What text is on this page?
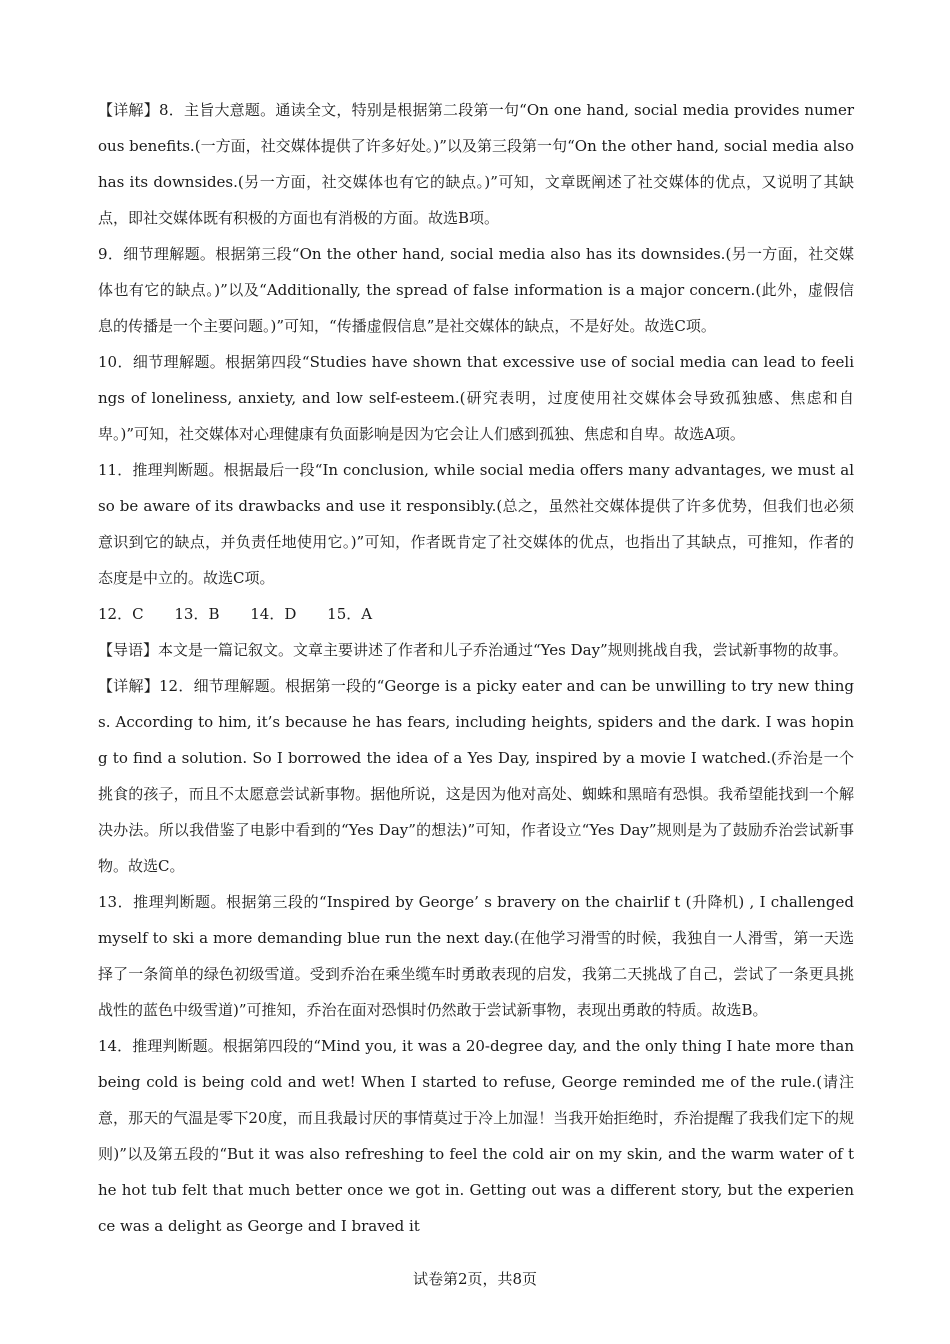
【详解】8．主旨大意题。通读全文，特别是根据第二段第一句“On one hand, social media provides numerous benefits.(一方面，社交媒体提供了许多好处。)”以及第三段第一句“On the other hand, social media also has its downsides.(另一方面，社交媒体也有它的缺点。)”可知，文章既阐述了社交媒体的优点，又说明了其缺点，即社交媒体既有积极的方面也有消极的方面。故选B项。

9．细节理解题。根据第三段“On the other hand, social media also has its downsides.(另一方面，社交媒体也有它的缺点。)”以及“Additionally, the spread of false information is a major concern.(此外，虚假信息的传播是一个主要问题。)”可知，“传播虚假信息”是社交媒体的缺点，不是好处。故选C项。

10．细节理解题。根据第四段“Studies have shown that excessive use of social media can lead to feelings of loneliness, anxiety, and low self-esteem.(研究表明，过度使用社交媒体会导致孤独感、焦虑和自卑。)”可知，社交媒体对心理健康有负面影响是因为它会让人们感到孤独、焦虑和自卑。故选A项。

11．推理判断题。根据最后一段“In conclusion, while social media offers many advantages, we must also be aware of its drawbacks and use it responsibly.(总之，虽然社交媒体提供了许多优势，但我们也必须意识到它的缺点，并负责任地使用它。)”可知，作者既肯定了社交媒体的优点，也指出了其缺点，可推知，作者的态度是中立的。故选C项。

12．C 13．B 14．D 15．A

【导语】本文是一篇记叙文。文章主要讲述了作者和儿子乔治通过“Yes Day”规则挑战自我，尝试新事物的故事。

【详解】12．细节理解题。根据第一段的“George is a picky eater and can be unwilling to try new things. According to him, it’s because he has fears, including heights, spiders and the dark. I was hoping to find a solution. So I borrowed the idea of a Yes Day, inspired by a movie I watched.(乔治是一个挑食的孩子，而且不太愿意尝试新事物。据他所说，这是因为他对高处、蜘蛛和黑暗有恐惧。我希望能找到一个解决办法。所以我借鉴了电影中看到的“Yes Day”的想法)”可知，作者设立“Yes Day”规则是为了鼓励乔治尝试新事物。故选C。

13．推理判断题。根据第三段的“Inspired by George’ s bravery on the chairlif t (升降机) , I challenged myself to ski a more demanding blue run the next day.(在他学习滑雪的时候，我独自一人滑雪，第一天选择了一条简单的绿色初级雪道。受到乔治在乘坐缆车时勇敢表现的启发，我第二天挑战了自己，尝试了一条更具挑战性的蓝色中级雪道)”可推知，乔治在面对恐惧时仍然敢于尝试新事物，表现出勇敢的特质。故选B。

14．推理判断题。根据第四段的“Mind you, it was a 20-degree day, and the only thing I hate more than being cold is being cold and wet! When I started to refuse, George reminded me of the rule.(请注意，那天的气温是零下20度，而且我最讨厌的事情莫过于冷上加湿！当我开始拒绝时，乔治提醒了我我们定下的规则)”以及第五段的“But it was also refreshing to feel the cold air on my skin, and the warm water of the hot tub felt that much better once we got in. Getting out was a different story, but the experience was a delight as George and I braved it

试卷第2页，共8页
